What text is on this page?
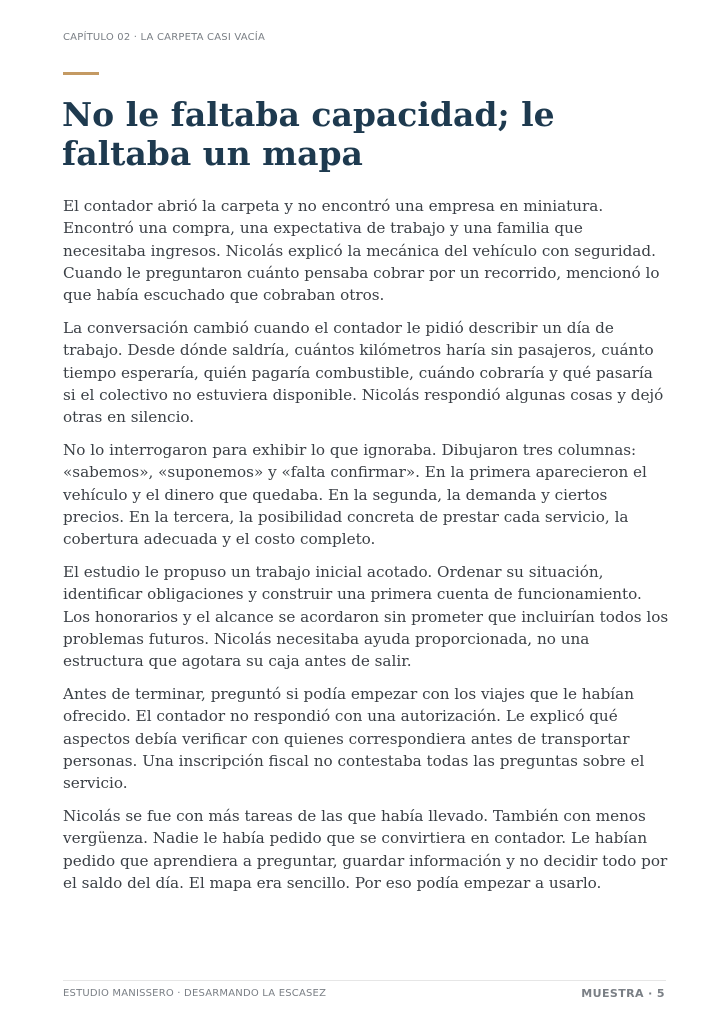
CAPÍTULO 02 · LA CARPETA CASI VACÍA
No le faltaba capacidad; le faltaba un mapa

El contador abrió la carpeta y no encontró una empresa en miniatura. Encontró una compra, una expectativa de trabajo y una familia que necesitaba ingresos. Nicolás explicó la mecánica del vehículo con seguridad. Cuando le preguntaron cuánto pensaba cobrar por un recorrido, mencionó lo que había escuchado que cobraban otros.

La conversación cambió cuando el contador le pidió describir un día de trabajo. Desde dónde saldría, cuántos kilómetros haría sin pasajeros, cuánto tiempo esperaría, quién pagaría combustible, cuándo cobraría y qué pasaría si el colectivo no estuviera disponible. Nicolás respondió algunas cosas y dejó otras en silencio.

No lo interrogaron para exhibir lo que ignoraba. Dibujaron tres columnas: «sabemos», «suponemos» y «falta confirmar». En la primera aparecieron el vehículo y el dinero que quedaba. En la segunda, la demanda y ciertos precios. En la tercera, la posibilidad concreta de prestar cada servicio, la cobertura adecuada y el costo completo.

El estudio le propuso un trabajo inicial acotado. Ordenar su situación, identificar obligaciones y construir una primera cuenta de funcionamiento. Los honorarios y el alcance se acordaron sin prometer que incluirían todos los problemas futuros. Nicolás necesitaba ayuda proporcionada, no una estructura que agotara su caja antes de salir.

Antes de terminar, preguntó si podía empezar con los viajes que le habían ofrecido. El contador no respondió con una autorización. Le explicó qué aspectos debía verificar con quienes correspondiera antes de transportar personas. Una inscripción fiscal no contestaba todas las preguntas sobre el servicio.

Nicolás se fue con más tareas de las que había llevado. También con menos vergüenza. Nadie le había pedido que se convirtiera en contador. Le habían pedido que aprendiera a preguntar, guardar información y no decidir todo por el saldo del día. El mapa era sencillo. Por eso podía empezar a usarlo.

ESTUDIO MANISSERO · DESARMANDO LA ESCASEZ	MUESTRA · 5
